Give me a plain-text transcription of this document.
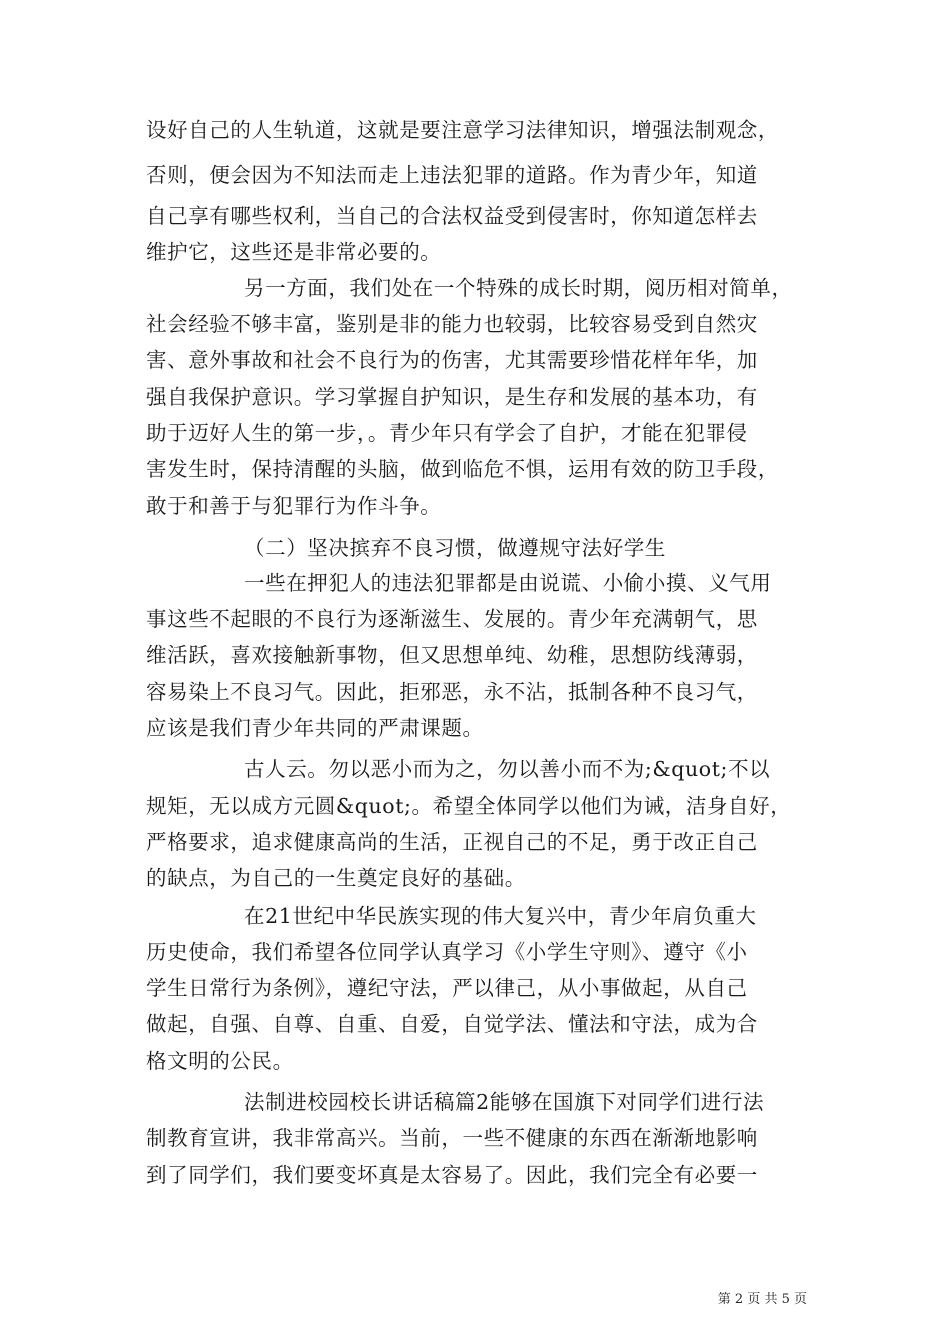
设好自己的人生轨道，这就是要注意学习法律知识，增强法制观念，
否则，便会因为不知法而走上违法犯罪的道路。作为青少年，知道
自己享有哪些权利，当自己的合法权益受到侵害时，你知道怎样去
维护它，这些还是非常必要的。
另一方面，我们处在一个特殊的成长时期，阅历相对简单，
社会经验不够丰富，鉴别是非的能力也较弱，比较容易受到自然灾
害、意外事故和社会不良行为的伤害，尤其需要珍惜花样年华，加
强自我保护意识。学习掌握自护知识，是生存和发展的基本功，有
助于迈好人生的第一步，。青少年只有学会了自护，才能在犯罪侵
害发生时，保持清醒的头脑，做到临危不惧，运用有效的防卫手段，
敢于和善于与犯罪行为作斗争。
（二）坚决摈弃不良习惯，做遵规守法好学生
一些在押犯人的违法犯罪都是由说谎、小偷小摸、义气用
事这些不起眼的不良行为逐渐滋生、发展的。青少年充满朝气，思
维活跃，喜欢接触新事物，但又思想单纯、幼稚，思想防线薄弱，
容易染上不良习气。因此，拒邪恶，永不沾，抵制各种不良习气，
应该是我们青少年共同的严肃课题。
古人云。勿以恶小而为之，勿以善小而不为;&quot;不以
规矩，无以成方元圆&quot;。希望全体同学以他们为诫，洁身自好，
严格要求，追求健康高尚的生活，正视自己的不足，勇于改正自己
的缺点，为自己的一生奠定良好的基础。
在21世纪中华民族实现的伟大复兴中，青少年肩负重大
历史使命，我们希望各位同学认真学习《小学生守则》、遵守《小
学生日常行为条例》，遵纪守法，严以律己，从小事做起，从自己
做起，自强、自尊、自重、自爱，自觉学法、懂法和守法，成为合
格文明的公民。
法制进校园校长讲话稿篇2能够在国旗下对同学们进行法
制教育宣讲，我非常高兴。当前，一些不健康的东西在渐渐地影响
到了同学们，我们要变坏真是太容易了。因此，我们完全有必要一
第 2 页 共 5 页
